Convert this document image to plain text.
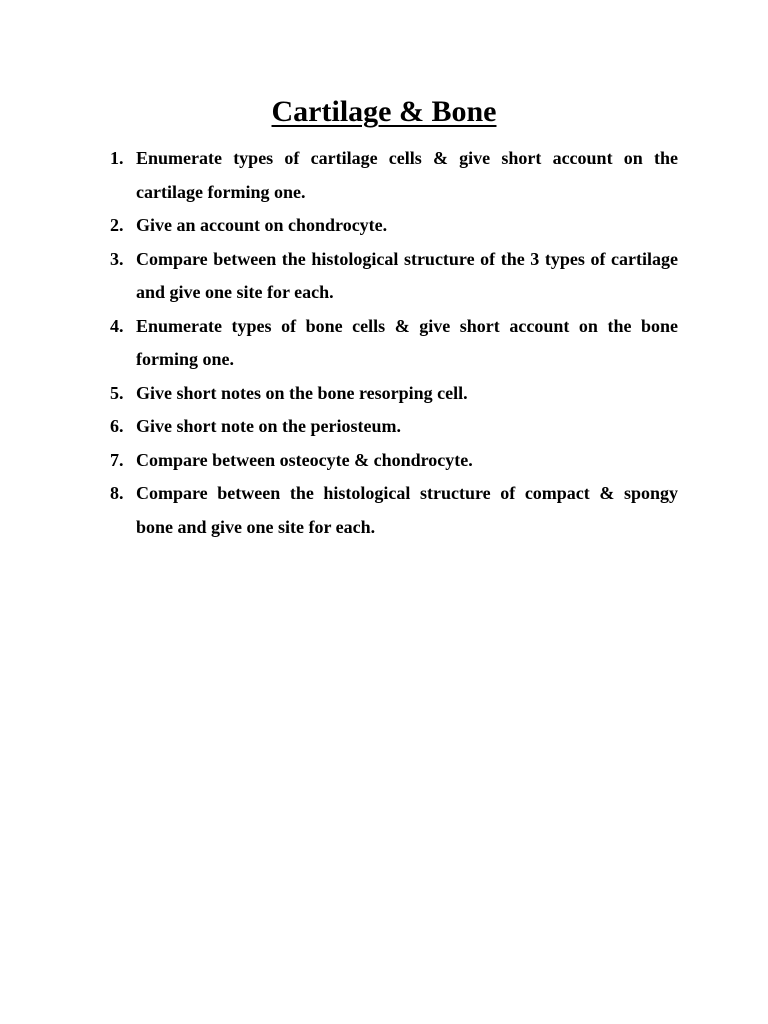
Cartilage & Bone
1. Enumerate types of cartilage cells & give short account on the cartilage forming one.
2. Give an account on chondrocyte.
3. Compare between the histological structure of the 3 types of cartilage and give one site for each.
4. Enumerate types of bone cells & give short account on the bone forming one.
5. Give short notes on the bone resorping cell.
6. Give short note on the periosteum.
7. Compare between osteocyte & chondrocyte.
8. Compare between the histological structure of compact & spongy bone and give one site for each.
